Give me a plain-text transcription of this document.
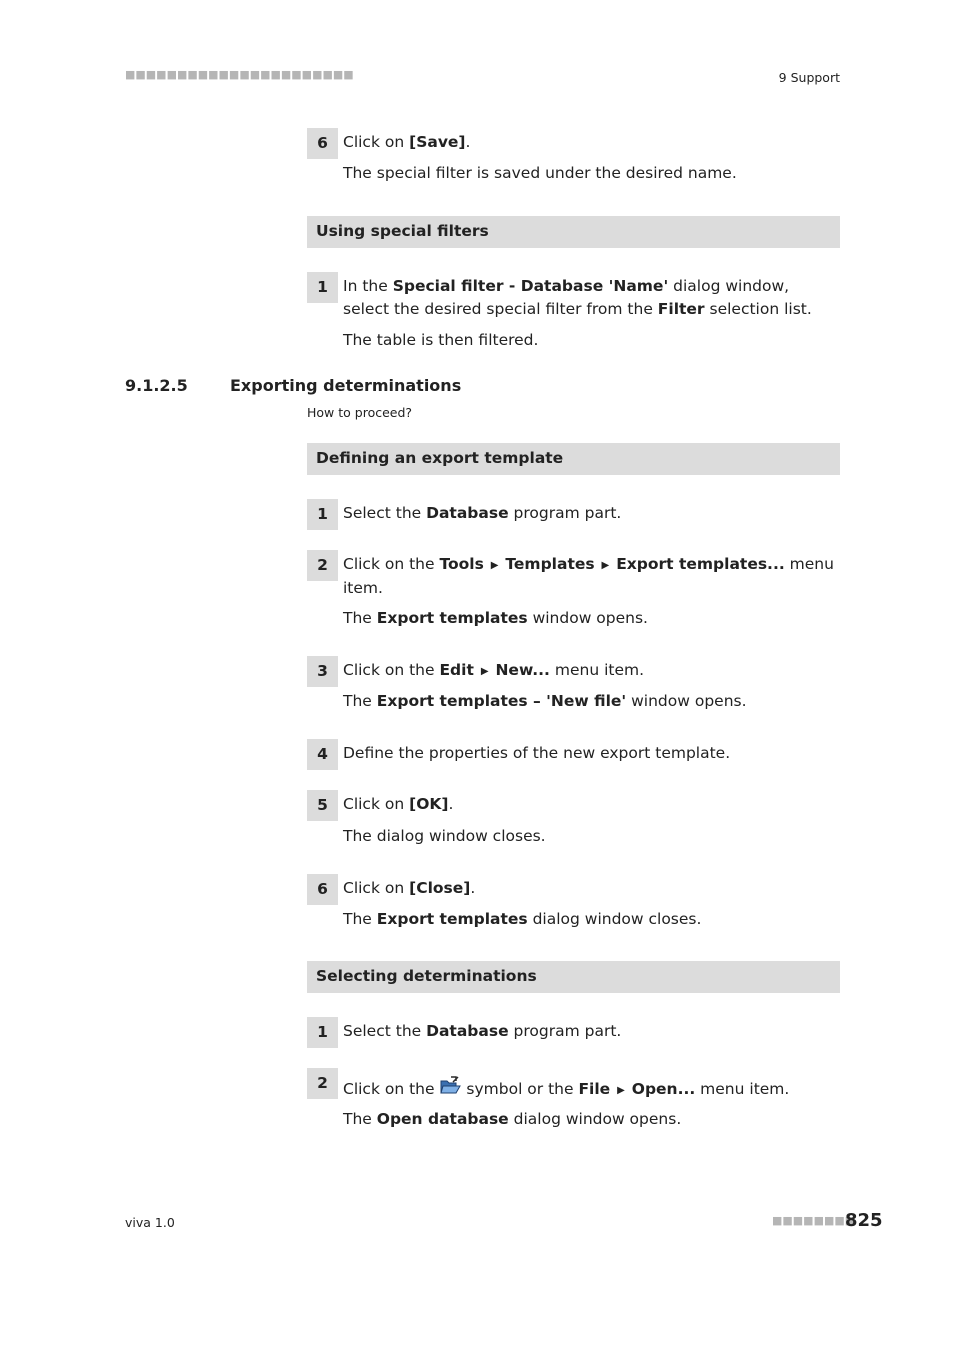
■■■■■■■■■■■■■■■■■■■■■■	9 Support
6 Click on [Save].
The special filter is saved under the desired name.
Using special filters
1 In the Special filter - Database 'Name' dialog window, select the desired special filter from the Filter selection list.
The table is then filtered.
9.1.2.5	Exporting determinations
How to proceed?
Defining an export template
1 Select the Database program part.
2 Click on the Tools ▶ Templates ▶ Export templates... menu item.
The Export templates window opens.
3 Click on the Edit ▶ New... menu item.
The Export templates – 'New file' window opens.
4 Define the properties of the new export template.
5 Click on [OK].
The dialog window closes.
6 Click on [Close].
The Export templates dialog window closes.
Selecting determinations
1 Select the Database program part.
2 Click on the  symbol or the File ▶ Open... menu item.
The Open database dialog window opens.
viva 1.0	■■■■■■■■
825
